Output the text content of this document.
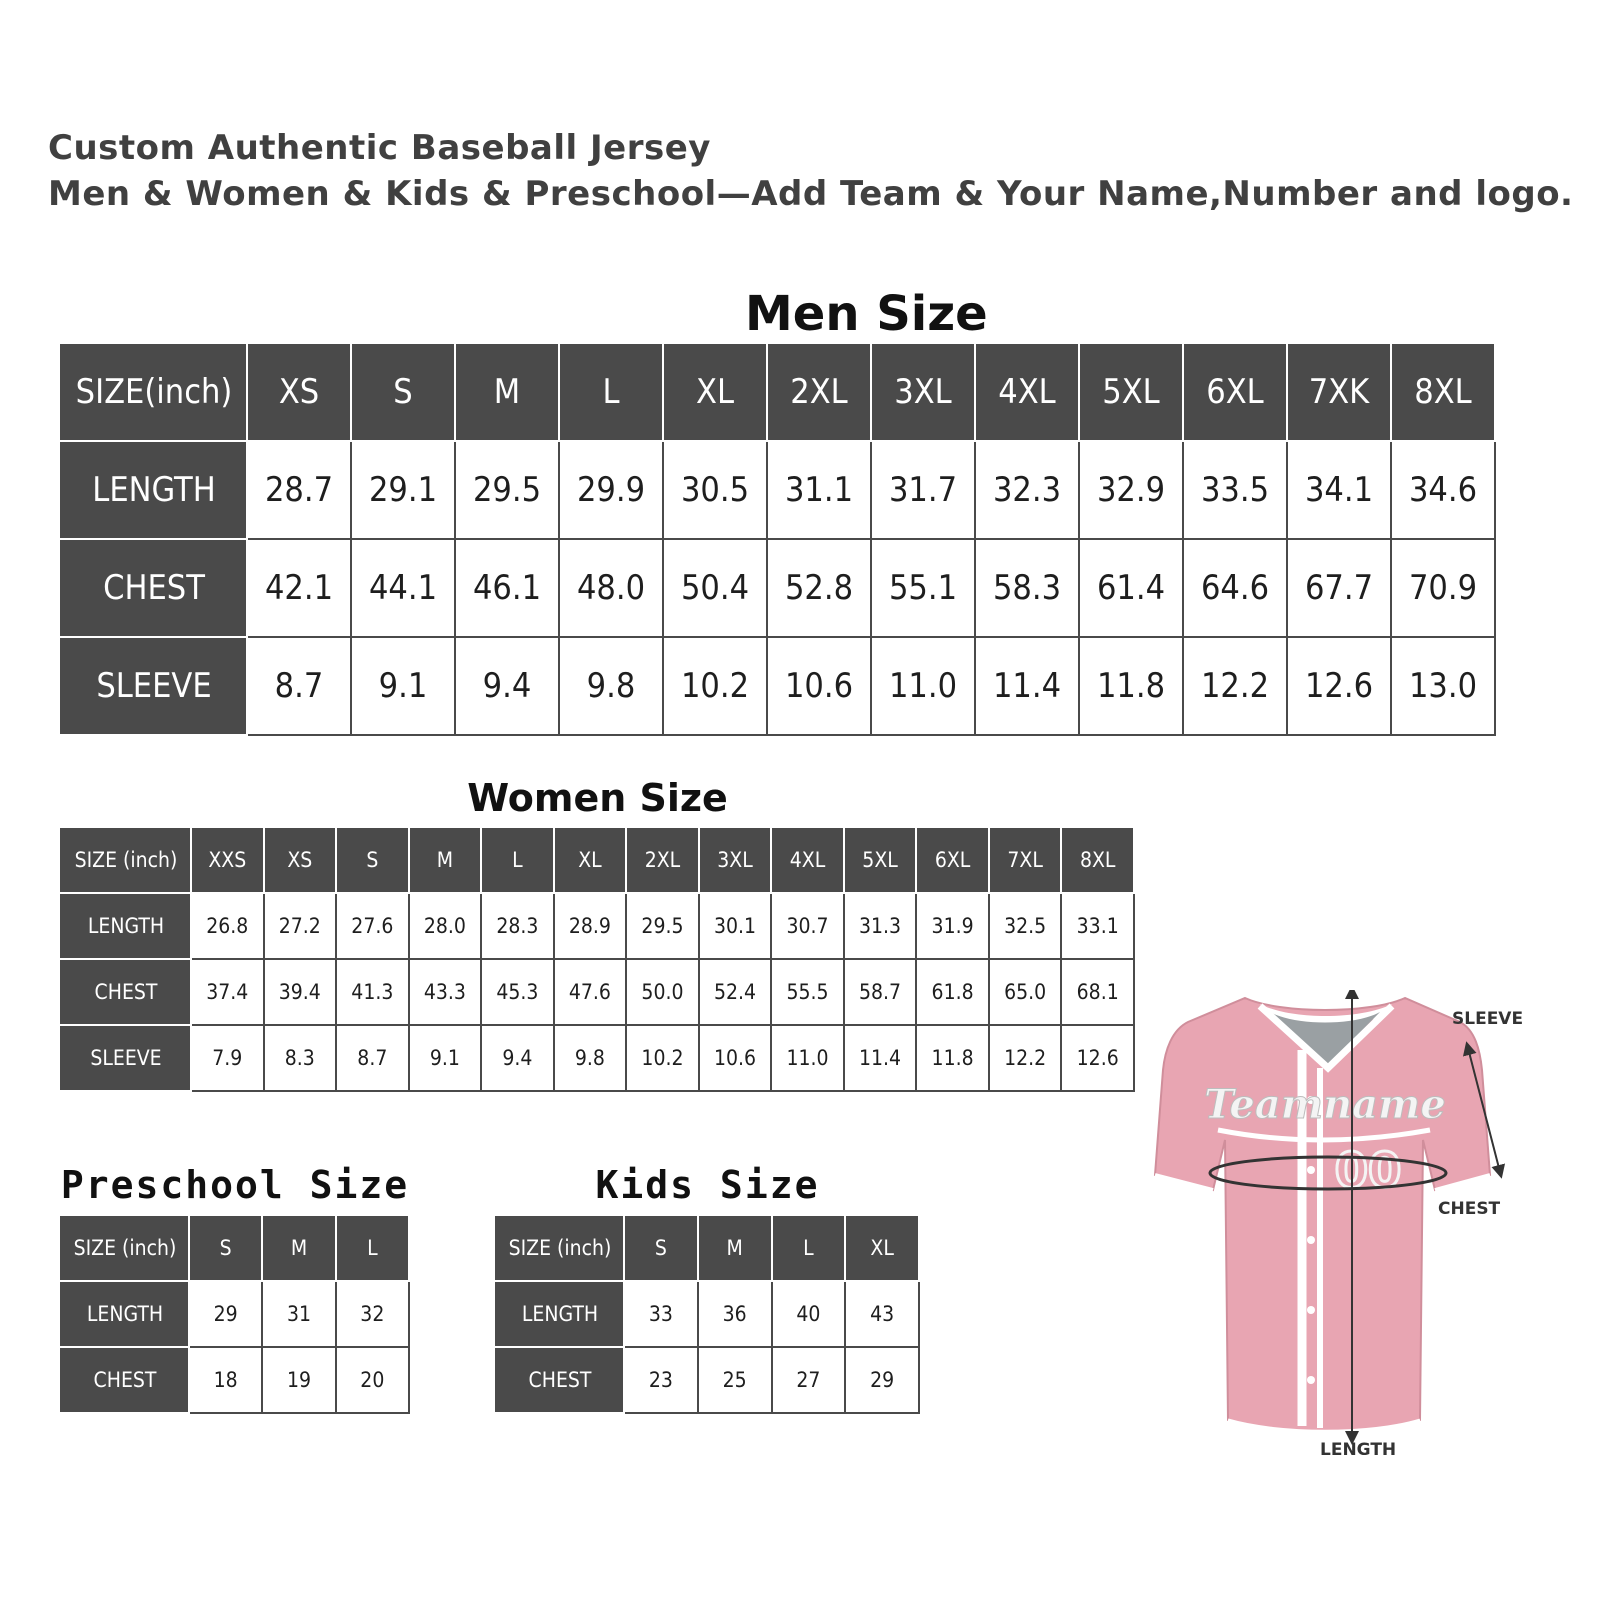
Custom Authentic Baseball Jersey
Men & Women & Kids & Preschool—Add Team & Your Name,Number and logo.
Men Size
SIZE(inch)	XS	S	M	L	XL	2XL	3XL	4XL	5XL	6XL	7XK	8XL
LENGTH	28.7	29.1	29.5	29.9	30.5	31.1	31.7	32.3	32.9	33.5	34.1	34.6
CHEST	42.1	44.1	46.1	48.0	50.4	52.8	55.1	58.3	61.4	64.6	67.7	70.9
SLEEVE	8.7	9.1	9.4	9.8	10.2	10.6	11.0	11.4	11.8	12.2	12.6	13.0
Women Size
SIZE (inch)	XXS	XS	S	M	L	XL	2XL	3XL	4XL	5XL	6XL	7XL	8XL
LENGTH	26.8	27.2	27.6	28.0	28.3	28.9	29.5	30.1	30.7	31.3	31.9	32.5	33.1
CHEST	37.4	39.4	41.3	43.3	45.3	47.6	50.0	52.4	55.5	58.7	61.8	65.0	68.1
SLEEVE	7.9	8.3	8.7	9.1	9.4	9.8	10.2	10.6	11.0	11.4	11.8	12.2	12.6
Preschool Size
SIZE (inch)	S	M	L
LENGTH	29	31	32
CHEST	18	19	20
Kids Size
SIZE (inch)	S	M	L	XL
LENGTH	33	36	40	43
CHEST	23	25	27	29
Teamname
00
SLEEVE
CHEST
LENGTH
